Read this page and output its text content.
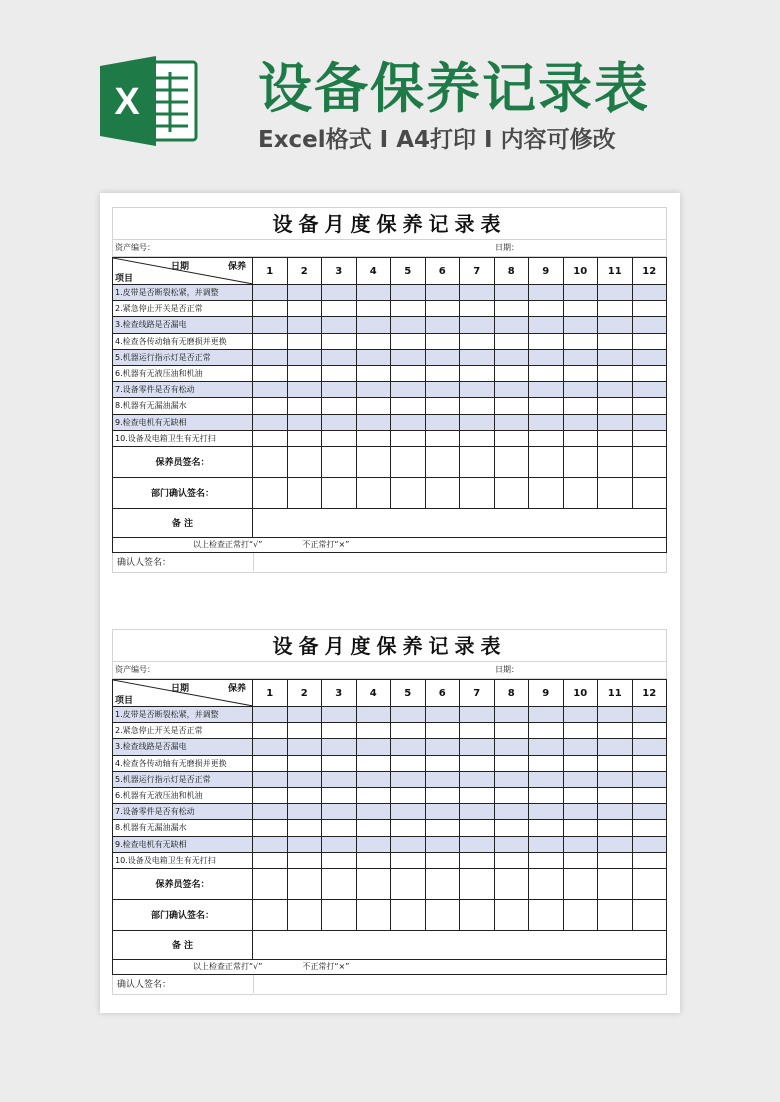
X 设备保养记录表
Excel格式 I A4打印 I 内容可修改
设备月度保养记录表
资产编号：	日期：
日期 保养
项目	1	2	3	4	5	6	7	8	9	10	11	12
1.皮带是否断裂松紧，并调整												
2.紧急停止开关是否正常												
3.检查线路是否漏电												
4.检查各传动轴有无磨损并更换												
5.机器运行指示灯是否正常												
6.机器有无液压油和机油												
7.设备零件是否有松动												
8.机器有无漏油漏水												
9.检查电机有无缺相												
10.设备及电箱卫生有无打扫												
保养员签名：												
部门确认签名：												
备 注												
以上检查正常打“√” 不正常打“×”												
确认人签名：
设备月度保养记录表
资产编号：	日期：
日期 保养
项目	1	2	3	4	5	6	7	8	9	10	11	12
1.皮带是否断裂松紧，并调整												
2.紧急停止开关是否正常												
3.检查线路是否漏电												
4.检查各传动轴有无磨损并更换												
5.机器运行指示灯是否正常												
6.机器有无液压油和机油												
7.设备零件是否有松动												
8.机器有无漏油漏水												
9.检查电机有无缺相												
10.设备及电箱卫生有无打扫												
保养员签名：												
部门确认签名：												
备 注												
以上检查正常打“√” 不正常打“×”												
确认人签名：
